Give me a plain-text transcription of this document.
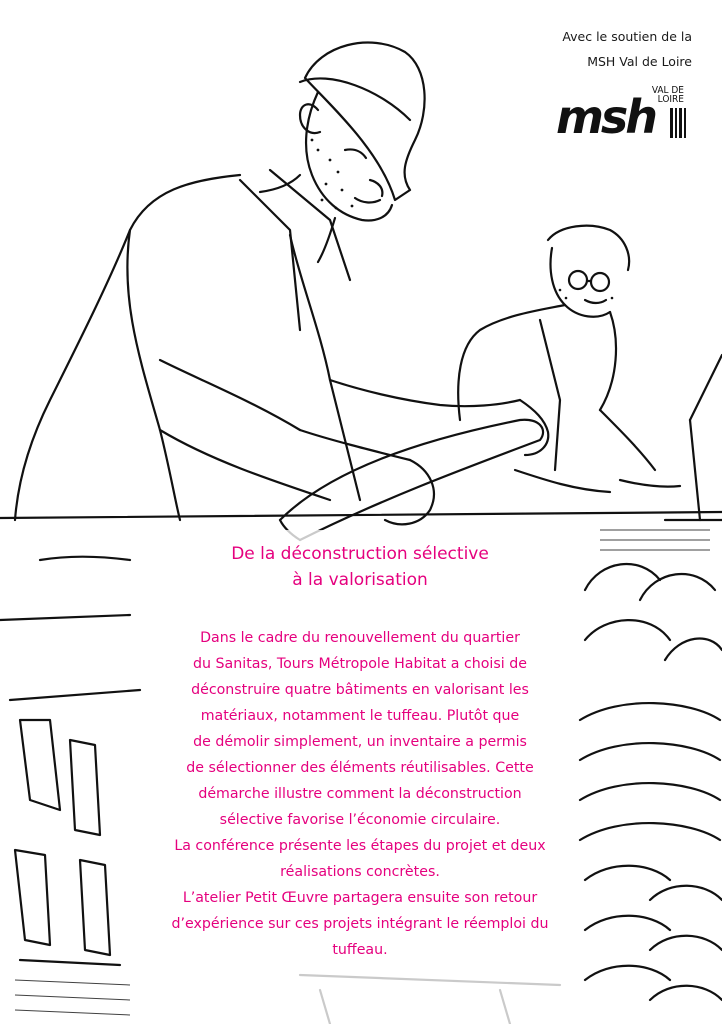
Avec le soutien de la
MSH Val de Loire
msh
VAL DE
LOIRE
De la déconstruction sélective
à la valorisation
Dans le cadre du renouvellement du quartier
du Sanitas, Tours Métropole Habitat a choisi de
déconstruire quatre bâtiments en valorisant les
matériaux, notamment le tuffeau. Plutôt que
de démolir simplement, un inventaire a permis
de sélectionner des éléments réutilisables. Cette
démarche illustre comment la déconstruction
sélective favorise l’économie circulaire.
La conférence présente les étapes du projet et deux
réalisations concrètes.
L’atelier Petit Œuvre partagera ensuite son retour
d’expérience sur ces projets intégrant le réemploi du
tuffeau.
